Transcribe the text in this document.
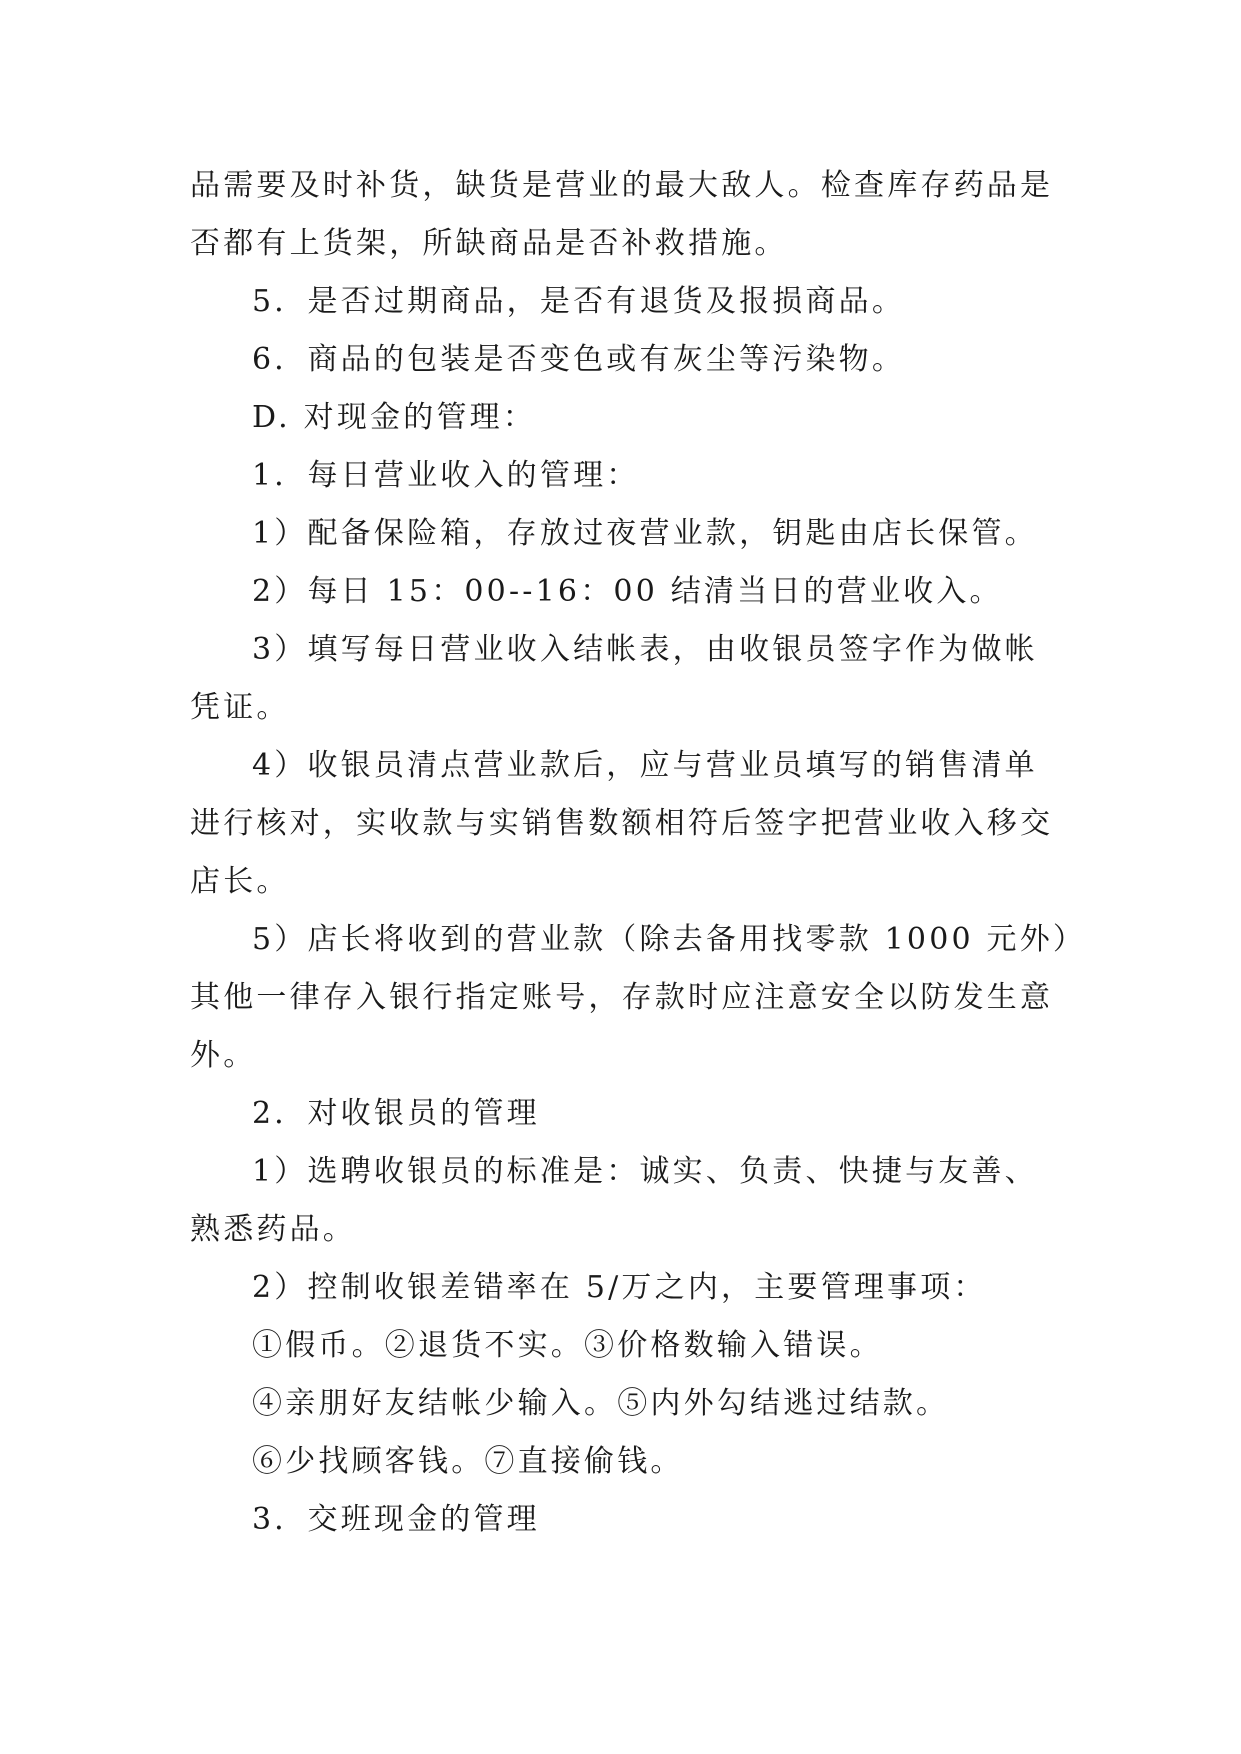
品需要及时补货，缺货是营业的最大敌人。检查库存药品是
否都有上货架，所缺商品是否补救措施。
5．是否过期商品，是否有退货及报损商品。
6．商品的包装是否变色或有灰尘等污染物。
D. 对现金的管理：
1．每日营业收入的管理：
1）配备保险箱，存放过夜营业款，钥匙由店长保管。
2）每日 15：00--16：00 结清当日的营业收入。
3）填写每日营业收入结帐表，由收银员签字作为做帐
凭证。
4）收银员清点营业款后，应与营业员填写的销售清单
进行核对，实收款与实销售数额相符后签字把营业收入移交
店长。
5）店长将收到的营业款（除去备用找零款 1000 元外）
其他一律存入银行指定账号，存款时应注意安全以防发生意
外。
2．对收银员的管理
1）选聘收银员的标准是：诚实、负责、快捷与友善、
熟悉药品。
2）控制收银差错率在 5/万之内，主要管理事项：
①假币。②退货不实。③价格数输入错误。
④亲朋好友结帐少输入。⑤内外勾结逃过结款。
⑥少找顾客钱。⑦直接偷钱。
3．交班现金的管理
